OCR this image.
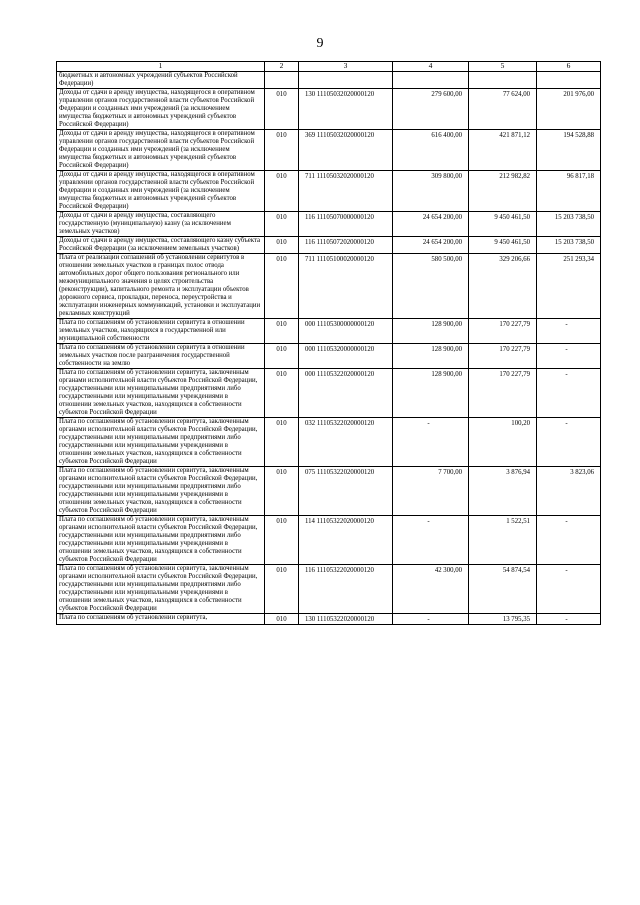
9
1	2	3	4	5	6
бюджетных и автономных учреждений субъектов Российской Федерации)					
Доходы от сдачи в аренду имущества, находящегося в оперативном управлении органов государственной власти субъектов Российской Федерации и созданных ими учреждений (за исключением имущества бюджетных и автономных учреждений субъектов Российской Федерации)	010	130 11105032020000120	279 600,00	77 624,00	201 976,00
Доходы от сдачи в аренду имущества, находящегося в оперативном управлении органов государственной власти субъектов Российской Федерации и созданных ими учреждений (за исключением имущества бюджетных и автономных учреждений субъектов Российской Федерации)	010	369 11105032020000120	616 400,00	421 871,12	194 528,88
Доходы от сдачи в аренду имущества, находящегося в оперативном управлении органов государственной власти субъектов Российской Федерации и созданных ими учреждений (за исключением имущества бюджетных и автономных учреждений субъектов Российской Федерации)	010	711 11105032020000120	309 800,00	212 982,82	96 817,18
Доходы от сдачи в аренду имущества, составляющего государственную (муниципальную) казну (за исключением земельных участков)	010	116 11105070000000120	24 654 200,00	9 450 461,50	15 203 738,50
Доходы от сдачи в аренду имущества, составляющего казну субъекта Российской Федерации (за исключением земельных участков)	010	116 11105072020000120	24 654 200,00	9 450 461,50	15 203 738,50
Плата от реализации соглашений об установлении сервитутов в отношении земельных участков в границах полос отвода автомобильных дорог общего пользования регионального или межмуниципального значения в целях строительства (реконструкции), капитального ремонта и эксплуатации объектов дорожного сервиса, прокладки, переноса, переустройства и эксплуатации инженерных коммуникаций, установки и эксплуатации рекламных конструкций	010	711 11105100020000120	580 500,00	329 206,66	251 293,34
Плата по соглашениям об установлении сервитута в отношении земельных участков, находящихся в государственной или муниципальной собственности	010	000 11105300000000120	128 900,00	170 227,79	-
Плата по соглашениям об установлении сервитута в отношении земельных участков после разграничения государственной собственности на землю	010	000 11105320000000120	128 900,00	170 227,79	-
Плата по соглашениям об установлении сервитута, заключенным органами исполнительной власти субъектов Российской Федерации, государственными или муниципальными предприятиями либо государственными или муниципальными учреждениями в отношении земельных участков, находящихся в собственности субъектов Российской Федерации	010	000 11105322020000120	128 900,00	170 227,79	-
Плата по соглашениям об установлении сервитута, заключенным органами исполнительной власти субъектов Российской Федерации, государственными или муниципальными предприятиями либо государственными или муниципальными учреждениями в отношении земельных участков, находящихся в собственности субъектов Российской Федерации	010	032 11105322020000120	-	100,20	-
Плата по соглашениям об установлении сервитута, заключенным органами исполнительной власти субъектов Российской Федерации, государственными или муниципальными предприятиями либо государственными или муниципальными учреждениями в отношении земельных участков, находящихся в собственности субъектов Российской Федерации	010	075 11105322020000120	7 700,00	3 876,94	3 823,06
Плата по соглашениям об установлении сервитута, заключенным органами исполнительной власти субъектов Российской Федерации, государственными или муниципальными предприятиями либо государственными или муниципальными учреждениями в отношении земельных участков, находящихся в собственности субъектов Российской Федерации	010	114 11105322020000120	-	1 522,51	-
Плата по соглашениям об установлении сервитута, заключенным органами исполнительной власти субъектов Российской Федерации, государственными или муниципальными предприятиями либо государственными или муниципальными учреждениями в отношении земельных участков, находящихся в собственности субъектов Российской Федерации	010	116 11105322020000120	42 300,00	54 874,54	-
Плата по соглашениям об установлении сервитута,	010	130 11105322020000120	-	13 795,35	-
